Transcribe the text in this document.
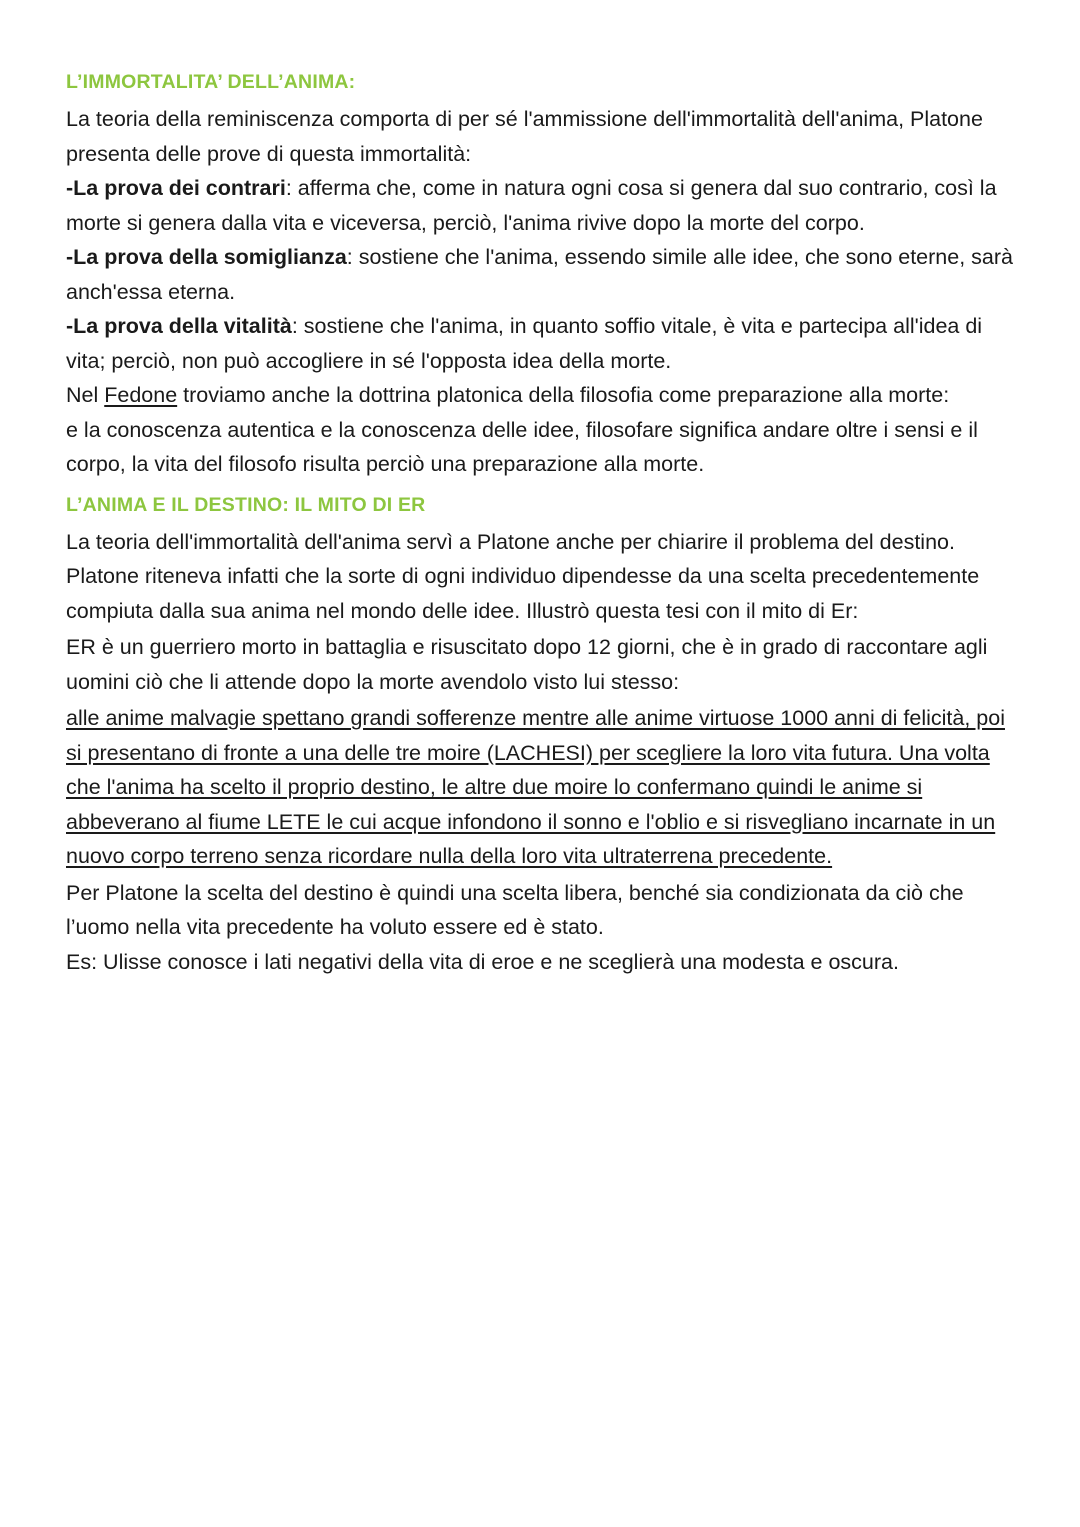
L’IMMORTALITA’ DELL’ANIMA:

La teoria della reminiscenza comporta di per sé l'ammissione dell'immortalità dell'anima, Platone presenta delle prove di questa immortalità:

-La prova dei contrari: afferma che, come in natura ogni cosa si genera dal suo contrario, così la morte si genera dalla vita e viceversa, perciò, l'anima rivive dopo la morte del corpo.

-La prova della somiglianza: sostiene che l'anima, essendo simile alle idee, che sono eterne, sarà anch'essa eterna.

-La prova della vitalità: sostiene che l'anima, in quanto soffio vitale, è vita e partecipa all'idea di vita; perciò, non può accogliere in sé l'opposta idea della morte.

Nel Fedone troviamo anche la dottrina platonica della filosofia come preparazione alla morte:

e la conoscenza autentica e la conoscenza delle idee, filosofare significa andare oltre i sensi e il corpo, la vita del filosofo risulta perciò una preparazione alla morte.

L’ANIMA E IL DESTINO: IL MITO DI ER

La teoria dell'immortalità dell'anima servì a Platone anche per chiarire il problema del destino. Platone riteneva infatti che la sorte di ogni individuo dipendesse da una scelta precedentemente compiuta dalla sua anima nel mondo delle idee. Illustrò questa tesi con il mito di Er:

ER è un guerriero morto in battaglia e risuscitato dopo 12 giorni, che è in grado di raccontare agli uomini ciò che li attende dopo la morte avendolo visto lui stesso:

alle anime malvagie spettano grandi sofferenze mentre alle anime virtuose 1000 anni di felicità, poi si presentano di fronte a una delle tre moire (LACHESI) per scegliere la loro vita futura. Una volta che l'anima ha scelto il proprio destino, le altre due moire lo confermano quindi le anime si abbeverano al fiume LETE le cui acque infondono il sonno e l'oblio e si risvegliano incarnate in un nuovo corpo terreno senza ricordare nulla della loro vita ultraterrena precedente.

Per Platone la scelta del destino è quindi una scelta libera, benché sia condizionata da ciò che l’uomo nella vita precedente ha voluto essere ed è stato.

Es: Ulisse conosce i lati negativi della vita di eroe e ne sceglierà una modesta e oscura.
